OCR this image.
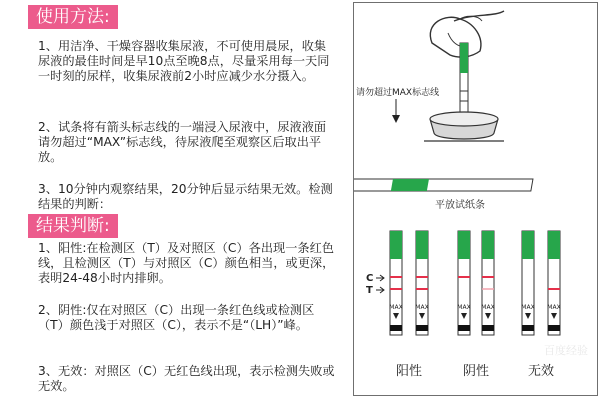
使用方法:

1、用洁净、干燥容器收集尿液，不可使用晨尿，收集尿液的最佳时间是早10点至晚8点，尽量采用每一天同一时刻的尿样，收集尿液前2小时应减少水分摄入。

2、试条将有箭头标志线的一端浸入尿液中，尿液液面请勿超过“MAX”标志线，待尿液爬至观察区后取出平放。

3、10分钟内观察结果，20分钟后显示结果无效。检测结果的判断：

结果判断:

1、阳性:在检测区（T）及对照区（C）各出现一条红色线，且检测区（T）与对照区（C）颜色相当，或更深，表明24-48小时内排卵。

2、阴性:仅在对照区（C）出现一条红色线或检测区（T）颜色浅于对照区（C），表示不是“（LH）”峰。

3、无效：对照区（C）无红色线出现，表示检测失败或无效。

请勿超过MAX标志线
平放试纸条
C
T
MAX MAX	MAX MAX	MAX MAX
阳性	阴性	无效
百度经验
